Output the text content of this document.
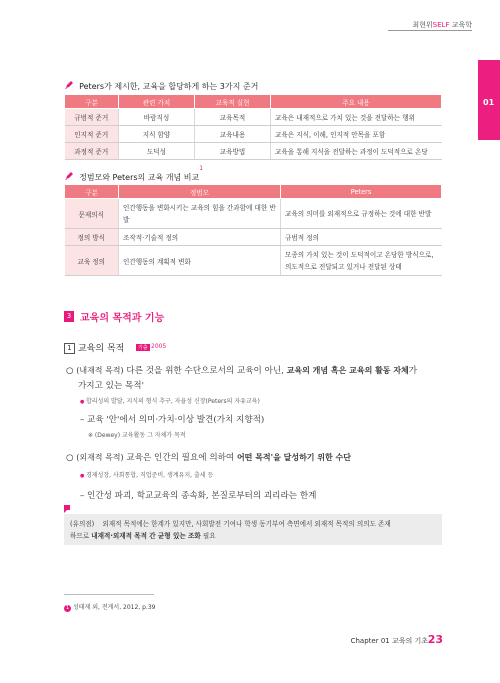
최현위SELF 교육학
01
Peters가 제시한, 교육을 합당하게 하는 3가지 준거
구분	관련 가치	교육적 실현	주요 내용
규범적 준거	바람직성	교육목적	교육은 내재적으로 가치 있는 것을 전달하는 행위
인지적 준거	지식 함양	교육내용	교육은 지식, 이해, 인지적 안목을 포함
과정적 준거	도덕성	교육방법	교육을 통해 지식을 전달하는 과정이 도덕적으로 온당
정범모와 Peters의 교육 개념 비교$^1$
구분	정범모	Peters
문제의식	인간행동을 변화시키는 교육의 힘을 간과함에 대한 반발	교육의 의미를 외재적으로 규정하는 것에 대한 반발
정의 방식	조작적·기술적 정의	규범적 정의
교육 정의	인간행동의 계획적 변화	모종의 가치 있는 것이 도덕적이고 온당한 방식으로, 의도적으로 전달되고 있거나 전달된 상태
3 교육의 목적과 기능
1 교육의 목적	기출 2005
○ (내재적 목적) 다른 것을 위한 수단으로서의 교육이 아닌, 교육의 개념 혹은 교육의 활동 자체가
가지고 있는 목적'
● 합리성의 발달, 지식의 형식 추구, 자율성 신장(Peters의 자유교육)
– 교육 '안'에서 의미·가치·이상 발견(가치 지향적)
※ (Dewey) 교육활동 그 자체가 목적
○ (외재적 목적) 교육은 인간의 필요에 의하여 어떤 목적'을 달성하기 위한 수단
● 경제성장, 사회통합, 직업준비, 생계유지, 출세 등
– 인간성 파괴, 학교교육의 종속화, 본질로부터의 괴리라는 한계
(유의점) 외재적 목적에는 한계가 있지만, 사회발전 기여나 학생 동기부여 측면에서 외재적 목적의 의의도 존재
하므로 내재적·외재적 목적 간 균형 있는 조화 필요
1 성태제 외, 전게서, 2012, p.39
Chapter 01 교육의 기초 23
